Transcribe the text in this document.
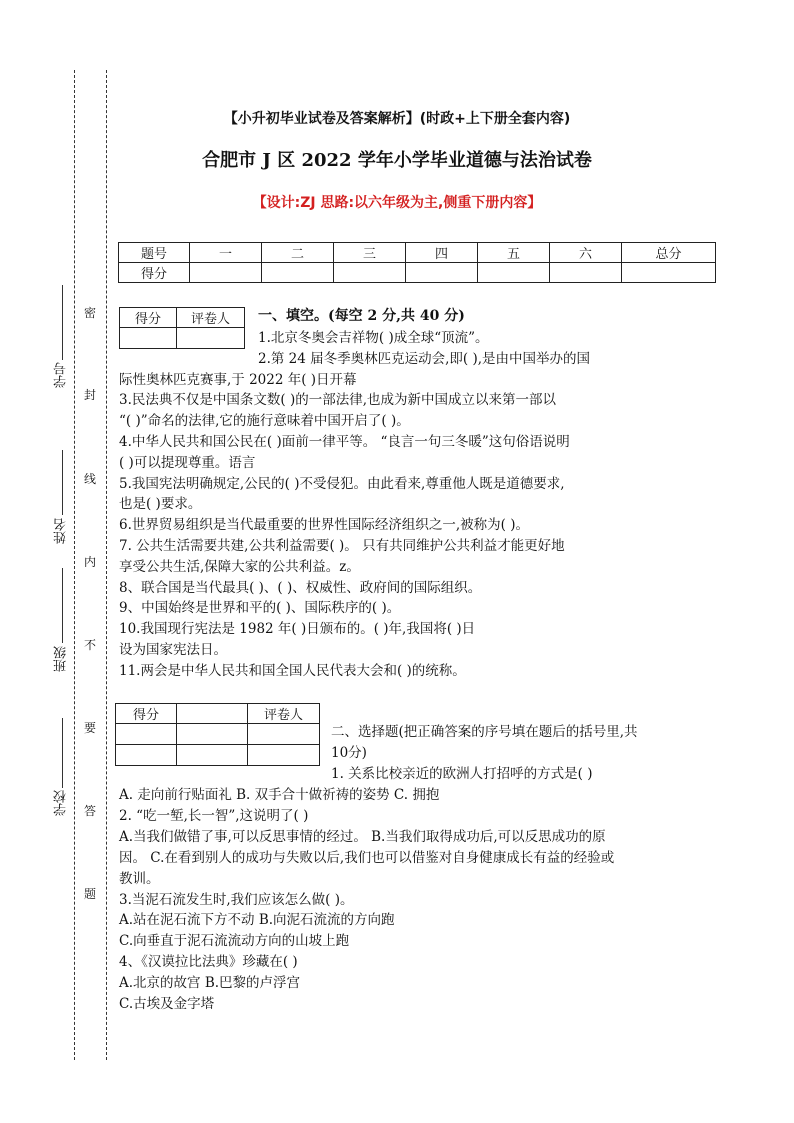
学号
姓名
班级
学校
密
封
线
内
不
要
答
题
【小升初毕业试卷及答案解析】(时政+上下册全套内容)
合肥市 J 区 2022 学年小学毕业道德与法治试卷
【设计:ZJ 思路:以六年级为主,侧重下册内容】
题号	一	二	三	四	五	六	总分
得分							
得分	评卷人
	一、填空。(每空 2 分,共 40 分)
1.北京冬奥会吉祥物( )成全球“顶流”。
2.第 24 届冬季奥林匹克运动会,即( ),是由中国举办的国
际性奥林匹克赛事,于 2022 年( )日开幕
3.民法典不仅是中国条文数( )的一部法律,也成为新中国成立以来第一部以
“( )”命名的法律,它的施行意味着中国开启了( )。
4.中华人民共和国公民在( )面前一律平等。 “良言一句三冬暖”这句俗语说明
( )可以提现尊重。语言
5.我国宪法明确规定,公民的( )不受侵犯。由此看来,尊重他人既是道德要求,
也是( )要求。
6.世界贸易组织是当代最重要的世界性国际经济组织之一,被称为( )。
7. 公共生活需要共建,公共利益需要( )。 只有共同维护公共利益才能更好地
享受公共生活,保障大家的公共利益。z。
8、联合国是当代最具( )、( )、权威性、政府间的国际组织。
9、中国始终是世界和平的( )、国际秩序的( )。
10.我国现行宪法是 1982 年( )日颁布的。( )年,我国将( )日
设为国家宪法日。
11.两会是中华人民共和国全国人民代表大会和( )的统称。
得分		评卷人

二、选择题(把正确答案的序号填在题后的括号里,共
10分)
1. 关系比校亲近的欧洲人打招呼的方式是( )
A. 走向前行贴面礼 B. 双手合十做祈祷的姿势 C. 拥抱
2. “吃一堑,长一智”,这说明了( )
A.当我们做错了事,可以反思事情的经过。 B.当我们取得成功后,可以反思成功的原
因。 C.在看到别人的成功与失败以后,我们也可以借鉴对自身健康成长有益的经验或
教训。
3.当泥石流发生时,我们应该怎么做( )。
A.站在泥石流下方不动 B.向泥石流流的方向跑
C.向垂直于泥石流流动方向的山坡上跑
4、《汉谟拉比法典》珍藏在( )
A.北京的故宫 B.巴黎的卢浮宫
C.古埃及金字塔
